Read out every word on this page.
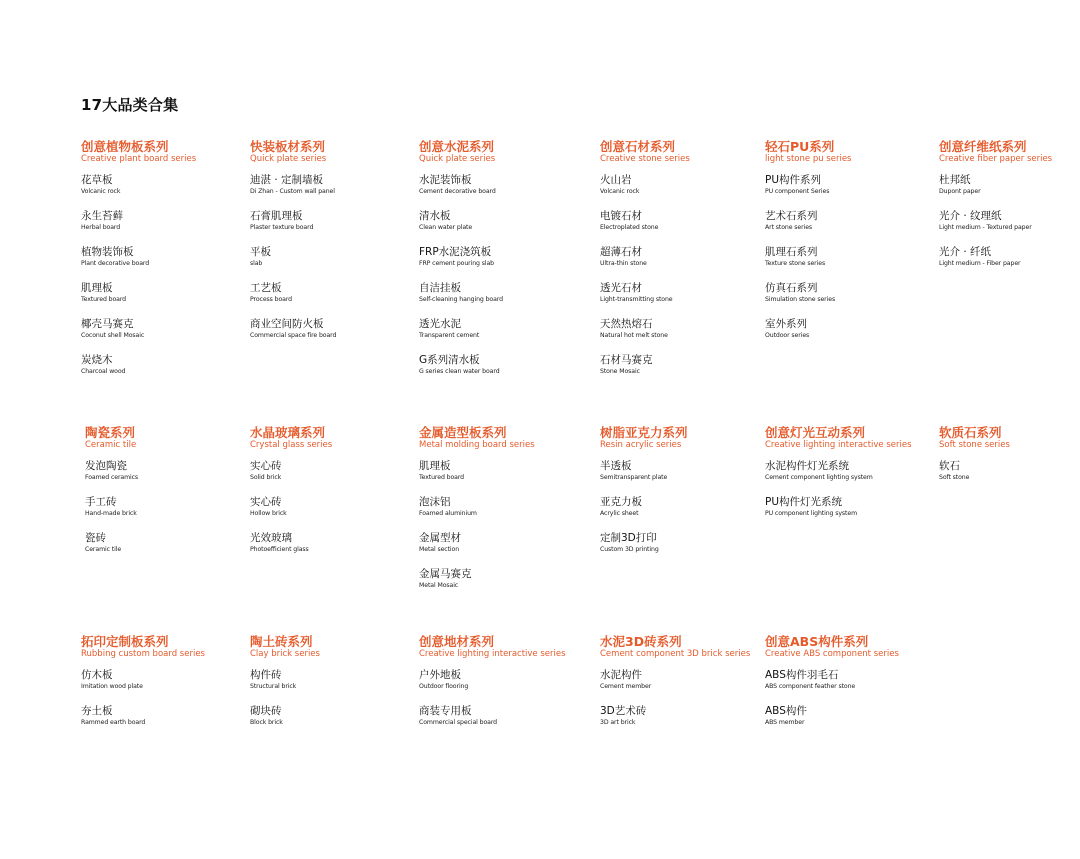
17大品类合集
创意植物板系列
Creative plant board series
花草板
Volcanic rock
永生苔藓
Herbal board
植物装饰板
Plant decorative board
肌理板
Textured board
椰壳马赛克
Coconut shell Mosaic
炭烧木
Charcoal wood
快装板材系列
Quick plate series
迪湛 · 定制墙板
Di Zhan - Custom wall panel
石膏肌理板
Plaster texture board
平板
slab
工艺板
Process board
商业空间防火板
Commercial space fire board
创意水泥系列
Quick plate series
水泥装饰板
Cement decorative board
清水板
Clean water plate
FRP水泥浇筑板
FRP cement pouring slab
自洁挂板
Self-cleaning hanging board
透光水泥
Transparent cement
G系列清水板
G series clean water board
创意石材系列
Creative stone series
火山岩
Volcanic rock
电镀石材
Electroplated stone
超薄石材
Ultra-thin stone
透光石材
Light-transmitting stone
天然热熔石
Natural hot melt stone
石材马赛克
Stone Mosaic
轻石PU系列
light stone pu series
PU构件系列
PU component Series
艺术石系列
Art stone series
肌理石系列
Texture stone series
仿真石系列
Simulation stone series
室外系列
Outdoor series
创意纤维纸系列
Creative fiber paper series
杜邦纸
Dupont paper
光介 · 纹理纸
Light medium - Textured paper
光介 · 纤纸
Light medium - Fiber paper
陶瓷系列
Ceramic tile
发泡陶瓷
Foamed ceramics
手工砖
Hand-made brick
瓷砖
Ceramic tile
水晶玻璃系列
Crystal glass series
实心砖
Solid brick
实心砖
Hollow brick
光效玻璃
Photoefficient glass
金属造型板系列
Metal molding board series
肌理板
Textured board
泡沫铝
Foamed aluminium
金属型材
Metal section
金属马赛克
Metal Mosaic
树脂亚克力系列
Resin acrylic series
半透板
Semitransparent plate
亚克力板
Acrylic sheet
定制3D打印
Custom 3D printing
创意灯光互动系列
Creative lighting interactive series
水泥构件灯光系统
Cement component lighting system
PU构件灯光系统
PU component lighting system
软质石系列
Soft stone series
软石
Soft stone
拓印定制板系列
Rubbing custom board series
仿木板
Imitation wood plate
夯土板
Rammed earth board
陶土砖系列
Clay brick series
构件砖
Structural brick
砌块砖
Block brick
创意地材系列
Creative lighting interactive series
户外地板
Outdoor flooring
商装专用板
Commercial special board
水泥3D砖系列
Cement component 3D brick series
水泥构件
Cement member
3D艺术砖
3D art brick
创意ABS构件系列
Creative ABS component series
ABS构件羽毛石
ABS component feather stone
ABS构件
ABS member
